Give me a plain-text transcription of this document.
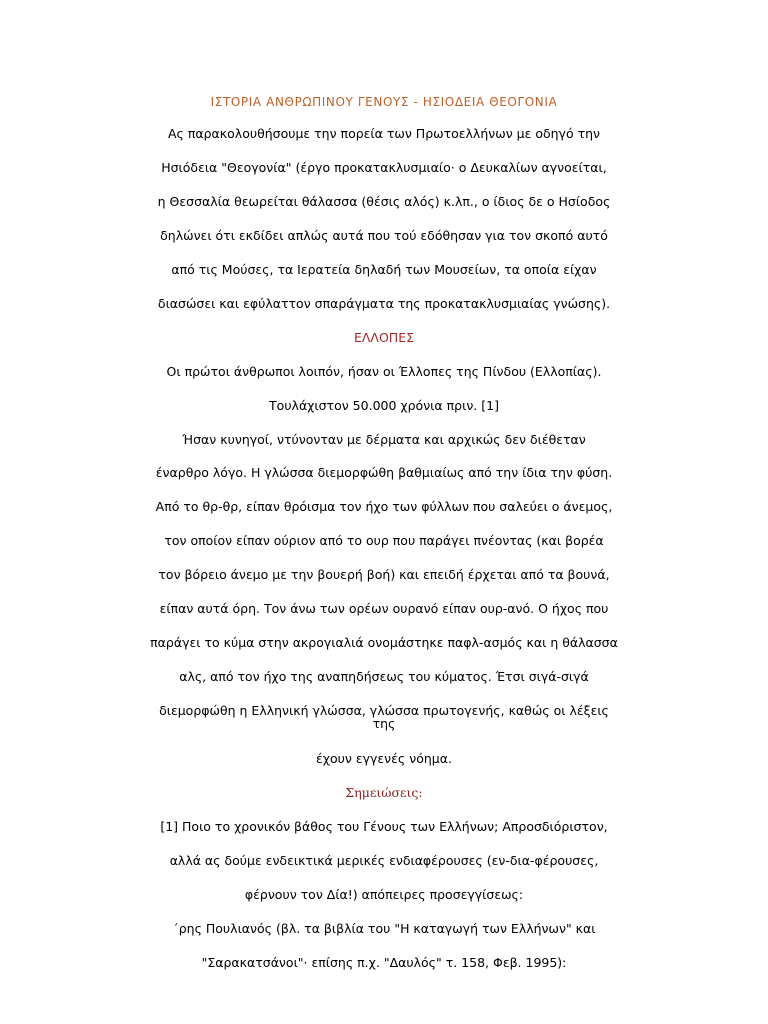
ΙΣΤΟΡΙΑ ΑΝΘΡΩΠΙΝΟΥ ΓΕΝΟΥΣ - ΗΣΙΟΔΕΙΑ ΘΕΟΓΟΝΙΑ
Ας παρακολουθήσουμε την πορεία των Πρωτοελλήνων με οδηγό την
Ησιόδεια "Θεογονία" (έργο προκατακλυσμιαίο· ο Δευκαλίων αγνοείται,
η Θεσσαλία θεωρείται θάλασσα (θέσις αλός) κ.λπ., ο ίδιος δε ο Ησίοδος
δηλώνει ότι εκδίδει απλώς αυτά που τού εδόθησαν για τον σκοπό αυτό
από τις Μούσες, τα Ιερατεία δηλαδή των Μουσείων, τα οποία είχαν
διασώσει και εφύλαττον σπαράγματα της προκατακλυσμιαίας γνώσης).
ΕΛΛΟΠΕΣ
Οι πρώτοι άνθρωποι λοιπόν, ήσαν οι Έλλοπες της Πίνδου (Ελλοπίας).
Τουλάχιστον 50.000 χρόνια πριν. [1]
Ήσαν κυνηγοί, ντύνονταν με δέρματα και αρχικώς δεν διέθεταν
έναρθρο λόγο. Η γλώσσα διεμορφώθη βαθμιαίως από την ίδια την φύση.
Από το θρ-θρ, είπαν θρόισμα τον ήχο των φύλλων που σαλεύει ο άνεμος,
τον οποίον είπαν ούριον από το ουρ που παράγει πνέοντας (και βορέα
τον βόρειο άνεμο με την βουερή βοή) και επειδή έρχεται από τα βουνά,
είπαν αυτά όρη. Τον άνω των ορέων ουρανό είπαν ουρ-ανό. Ο ήχος που
παράγει το κύμα στην ακρογιαλιά ονομάστηκε παφλ-ασμός και η θάλασσα
αλς, από τον ήχο της αναπηδήσεως του κύματος. Έτσι σιγά-σιγά
διεμορφώθη η Ελληνική γλώσσα, γλώσσα πρωτογενής, καθώς οι λέξεις
της
έχουν εγγενές νόημα.
Σημειώσεις:
[1] Ποιο το χρονικόν βάθος του Γένους των Ελλήνων; Απροσδιόριστον,
αλλά ας δούμε ενδεικτικά μερικές ενδιαφέρουσες (εν-δια-φέρουσες,
φέρνουν τον Δία!) απόπειρες προσεγγίσεως:
΄ρης Πουλιανός (βλ. τα βιβλία του "Η καταγωγή των Ελλήνων" και
"Σαρακατσάνοι"· επίσης π.χ. "Δαυλός" τ. 158, Φεβ. 1995):
